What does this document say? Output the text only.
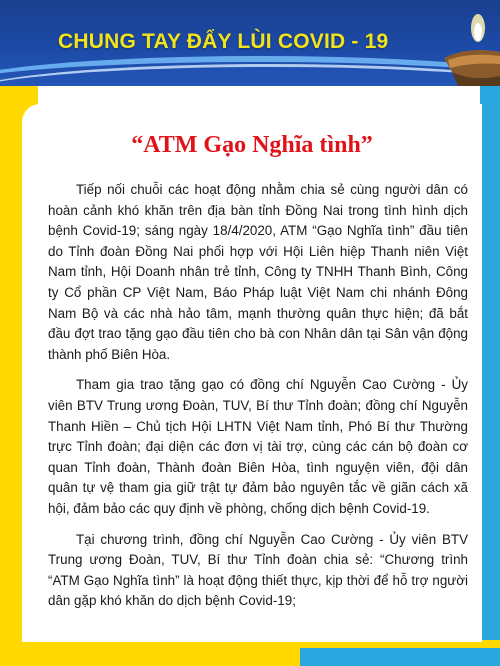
CHUNG TAY ĐẨY LÙI COVID - 19
“ATM Gạo Nghĩa tình”

Tiếp nối chuỗi các hoạt động nhằm chia sẻ cùng người dân có hoàn cảnh khó khăn trên địa bàn tỉnh Đồng Nai trong tình hình dịch bệnh Covid-19; sáng ngày 18/4/2020, ATM “Gạo Nghĩa tình” đầu tiên do Tỉnh đoàn Đồng Nai phối hợp với Hội Liên hiệp Thanh niên Việt Nam tỉnh, Hội Doanh nhân trẻ tỉnh, Công ty TNHH Thanh Bình, Công ty Cổ phần CP Việt Nam, Báo Pháp luật Việt Nam chi nhánh Đông Nam Bộ và các nhà hảo tâm, mạnh thường quân thực hiện; đã bắt đầu đợt trao tặng gạo đầu tiên cho bà con Nhân dân tại Sân vận động thành phố Biên Hòa.

Tham gia trao tặng gạo có đồng chí Nguyễn Cao Cường - Ủy viên BTV Trung ương Đoàn, TUV, Bí thư Tỉnh đoàn; đồng chí Nguyễn Thanh Hiền – Chủ tịch Hội LHTN Việt Nam tỉnh, Phó Bí thư Thường trực Tỉnh đoàn; đại diện các đơn vị tài trợ, cùng các cán bộ đoàn cơ quan Tỉnh đoàn, Thành đoàn Biên Hòa, tình nguyện viên, đội dân quân tự vệ tham gia giữ trật tự đảm bảo nguyên tắc về giãn cách xã hội, đảm bảo các quy định về phòng, chống dịch bệnh Covid-19.

Tại chương trình, đồng chí Nguyễn Cao Cường - Ủy viên BTV Trung ương Đoàn, TUV, Bí thư Tỉnh đoàn chia sẻ: “Chương trình “ATM Gạo Nghĩa tình” là hoạt động thiết thực, kịp thời để hỗ trợ người dân gặp khó khăn do dịch bệnh Covid-19;
